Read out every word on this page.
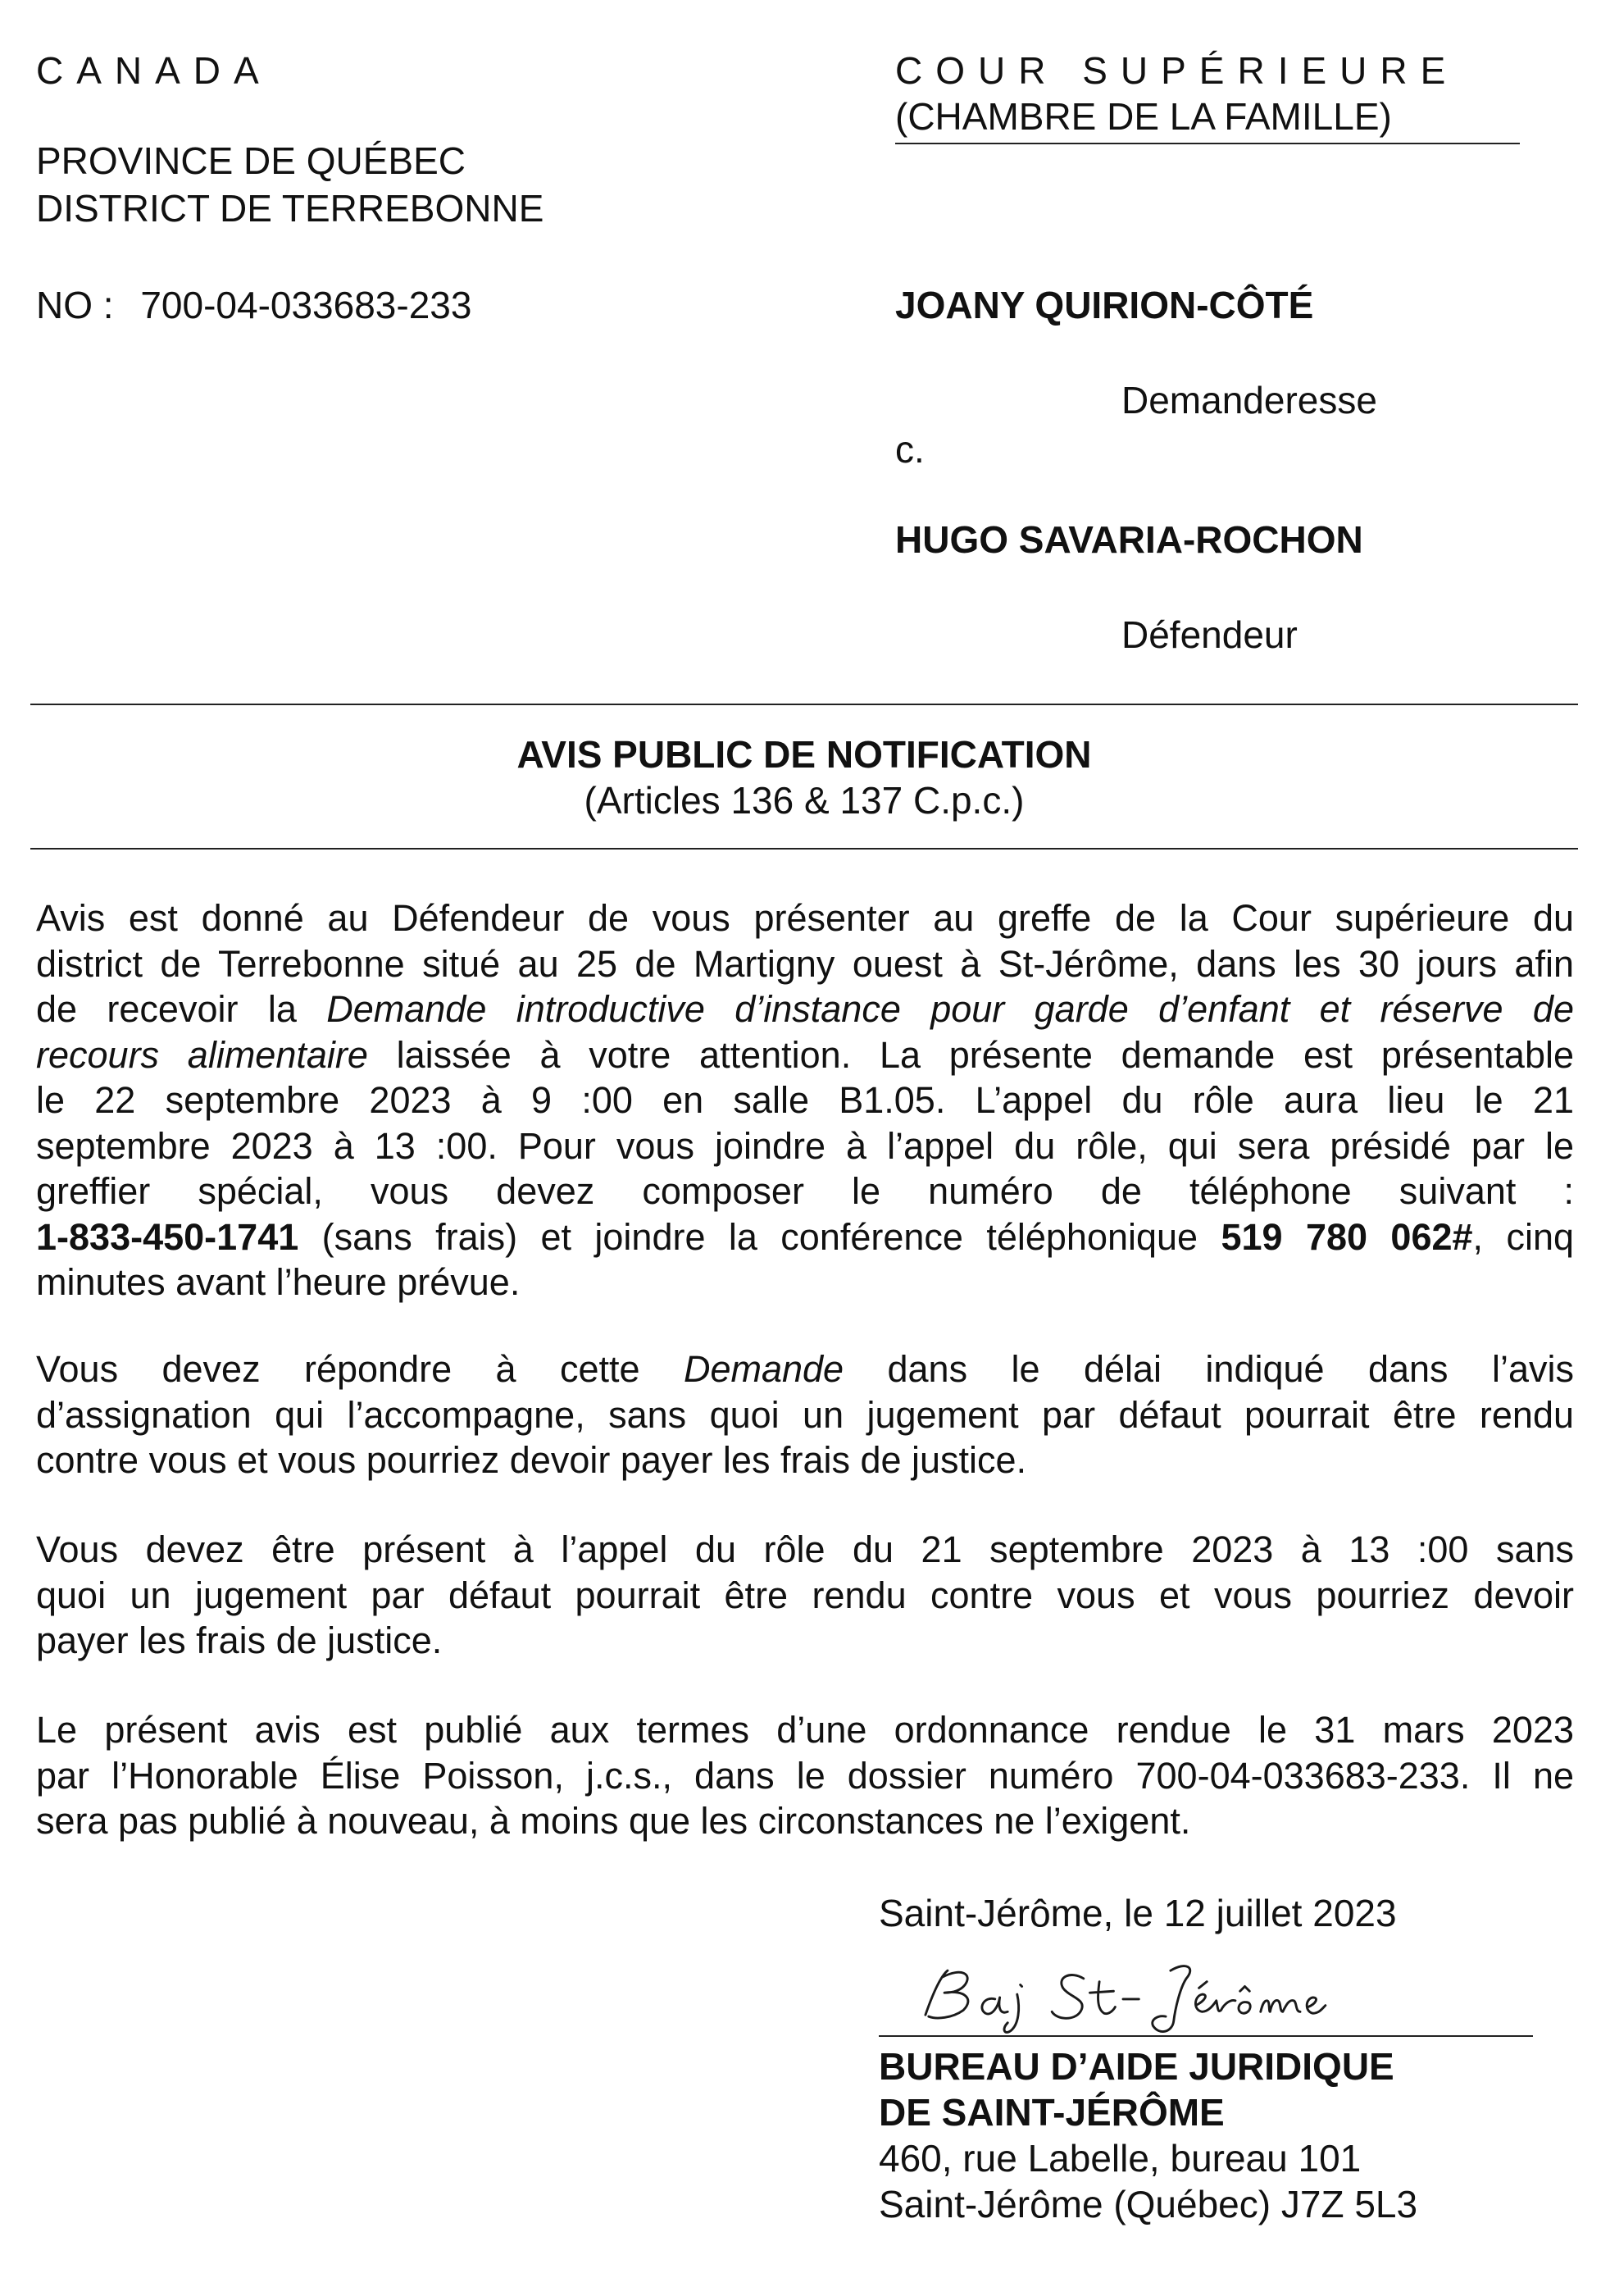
CANADA
PROVINCE DE QUÉBEC
DISTRICT DE TERREBONNE
NO : 700-04-033683-233
COUR SUPÉRIEURE
(CHAMBRE DE LA FAMILLE)
JOANY QUIRION-CÔTÉ
Demanderesse
c.
HUGO SAVARIA-ROCHON
Défendeur
AVIS PUBLIC DE NOTIFICATION
(Articles 136 & 137 C.p.c.)
Avis est donné au Défendeur de vous présenter au greffe de la Cour supérieure du
district de Terrebonne situé au 25 de Martigny ouest à St-Jérôme, dans les 30 jours afin
de recevoir la Demande introductive d’instance pour garde d’enfant et réserve de
recours alimentaire laissée à votre attention. La présente demande est présentable
le 22 septembre 2023 à 9 :00 en salle B1.05. L’appel du rôle aura lieu le 21
septembre 2023 à 13 :00. Pour vous joindre à l’appel du rôle, qui sera présidé par le
greffier spécial, vous devez composer le numéro de téléphone suivant :
1-833-450-1741 (sans frais) et joindre la conférence téléphonique 519 780 062#, cinq
minutes avant l’heure prévue.
Vous devez répondre à cette Demande dans le délai indiqué dans l’avis
d’assignation qui l’accompagne, sans quoi un jugement par défaut pourrait être rendu
contre vous et vous pourriez devoir payer les frais de justice.
Vous devez être présent à l’appel du rôle du 21 septembre 2023 à 13 :00 sans
quoi un jugement par défaut pourrait être rendu contre vous et vous pourriez devoir
payer les frais de justice.
Le présent avis est publié aux termes d’une ordonnance rendue le 31 mars 2023
par l’Honorable Élise Poisson, j.c.s., dans le dossier numéro 700-04-033683-233. Il ne
sera pas publié à nouveau, à moins que les circonstances ne l’exigent.
Saint-Jérôme, le 12 juillet 2023
BUREAU D’AIDE JURIDIQUE
DE SAINT-JÉRÔME
460, rue Labelle, bureau 101
Saint-Jérôme (Québec) J7Z 5L3
